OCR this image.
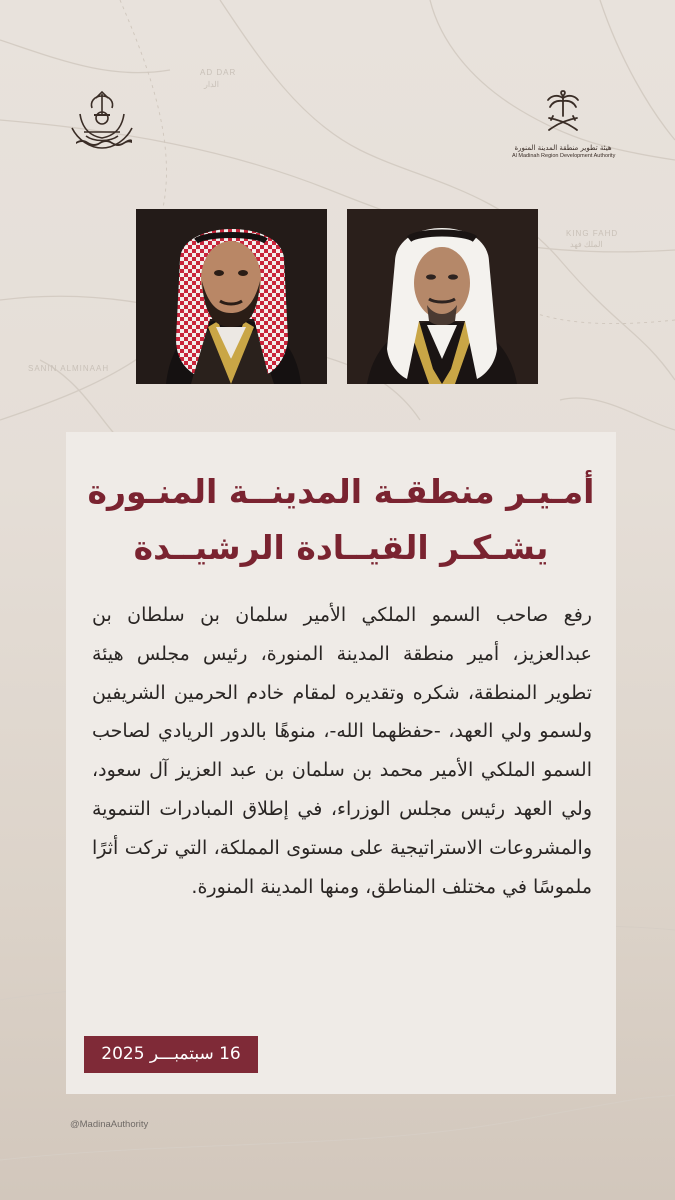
AD DAR
الدار
KING FAHD
الملك فهد
SANIN ALMINAAH
هيئة تطوير منطقة المدينة المنورة
Al Madinah Region Development Authority
أمـيـر منطقـة المدينــة المنـورة
يشـكـر القيــادة الرشيــدة
رفع صاحب السمو الملكي الأمير سلمان بن سلطان بن عبدالعزيز، أمير منطقة المدينة المنورة، رئيس مجلس هيئة تطوير المنطقة، شكره وتقديره لمقام خادم الحرمين الشريفين ولسمو ولي العهد، -حفظهما الله-، منوهًا بالدور الريادي لصاحب السمو الملكي الأمير محمد بن سلمان بن عبد العزيز آل سعود، ولي العهد رئيس مجلس الوزراء، في إطلاق المبادرات التنموية والمشروعات الاستراتيجية على مستوى المملكة، التي تركت أثرًا ملموسًا في مختلف المناطق، ومنها المدينة المنورة.
16 سبتمبـــر 2025
@MadinaAuthority
